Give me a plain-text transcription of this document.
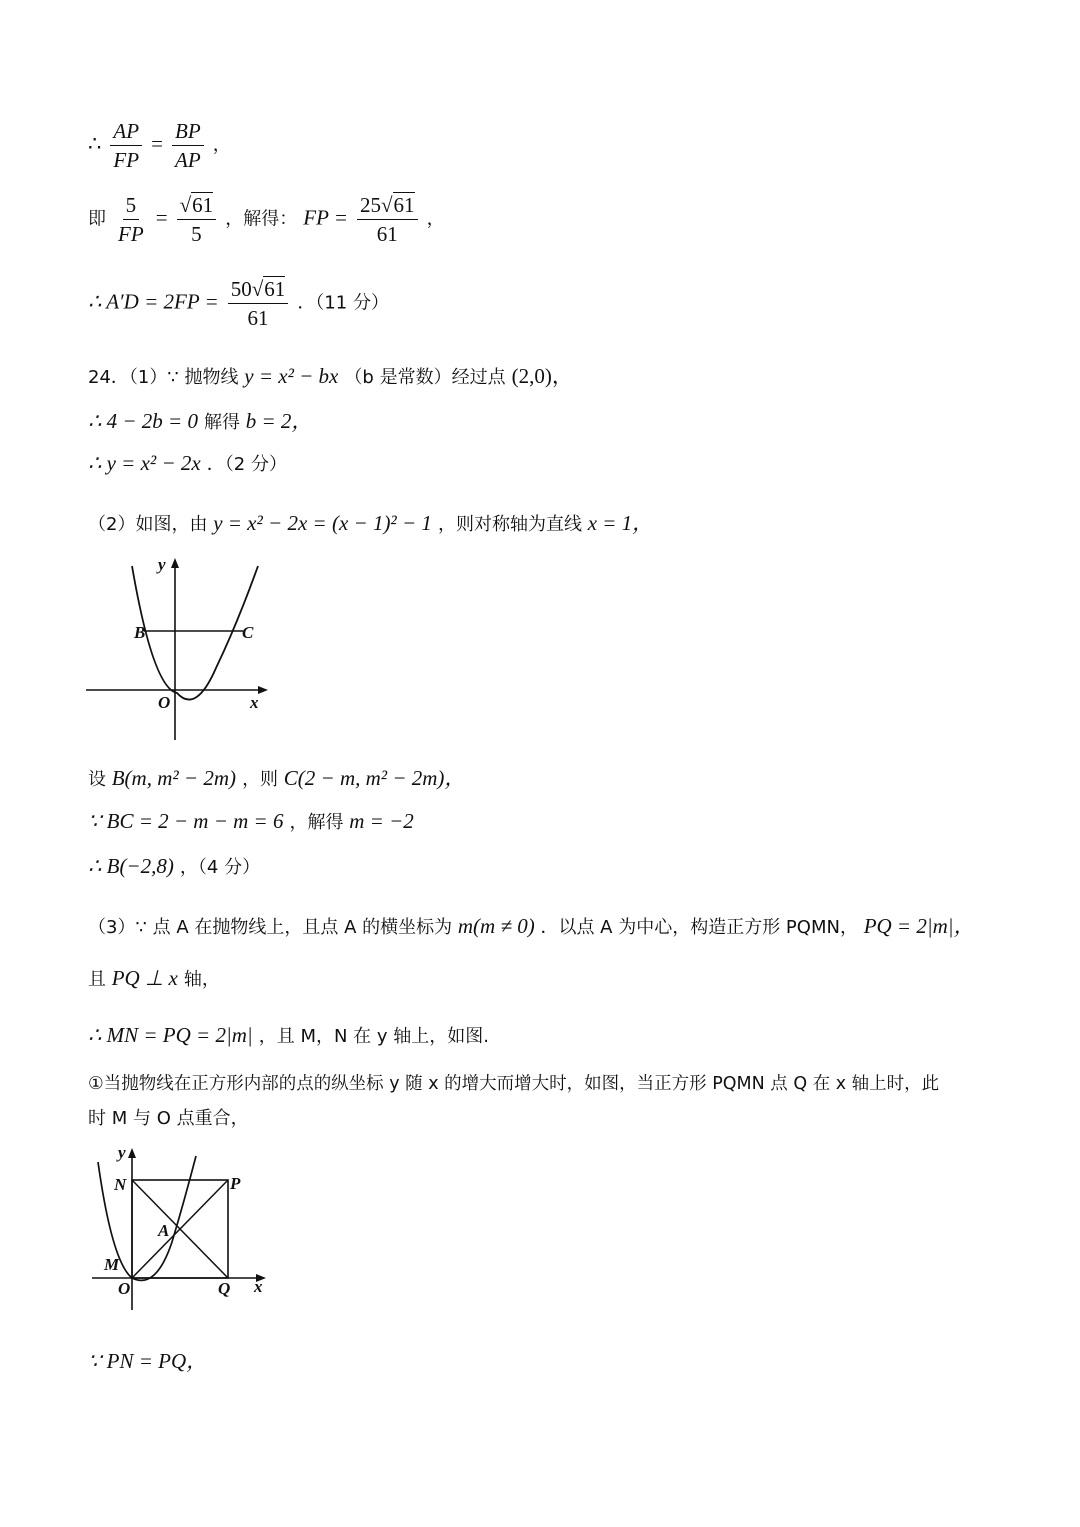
∴ $\frac{AP}{FP} = \frac{BP}{AP}$ ，
即 $\frac{5}{FP} = \frac{√61}{5}$ ，解得： FP = $\frac{25√61}{61}$ ，
∴ $A'D = 2FP = \frac{50√61}{61}$ ．（11 分）
24．（1）∵ 抛物线 y = x² − bx （b 是常数）经过点 (2,0)，
∴ 4 − 2b = 0 解得 b = 2，
∴ y = x² − 2x ．（2 分）
（2）如图，由 y = x² − 2x = (x − 1)² − 1 ，则对称轴为直线 x = 1，
y
x
O
B	C
设 B(m, m² − 2m) ，则 C(2 − m, m² − 2m)，
∵ BC = 2 − m − m = 6 ，解得 m = −2
∴ B(−2,8) ，（4 分）
（3）∵ 点 A 在抛物线上，且点 A 的横坐标为 m(m ≠ 0) ．以点 A 为中心，构造正方形 PQMN， PQ = 2|m|，
且 PQ ⊥ x 轴，
∴ MN = PQ = 2|m| ，且 M，N 在 y 轴上，如图.
①当抛物线在正方形内部的点的纵坐标 y 随 x 的增大而增大时，如图，当正方形 PQMN 点 Q 在 x 轴上时，此
时 M 与 O 点重合，
y
N	P
A
M
O	Q x
∵ PN = PQ，
